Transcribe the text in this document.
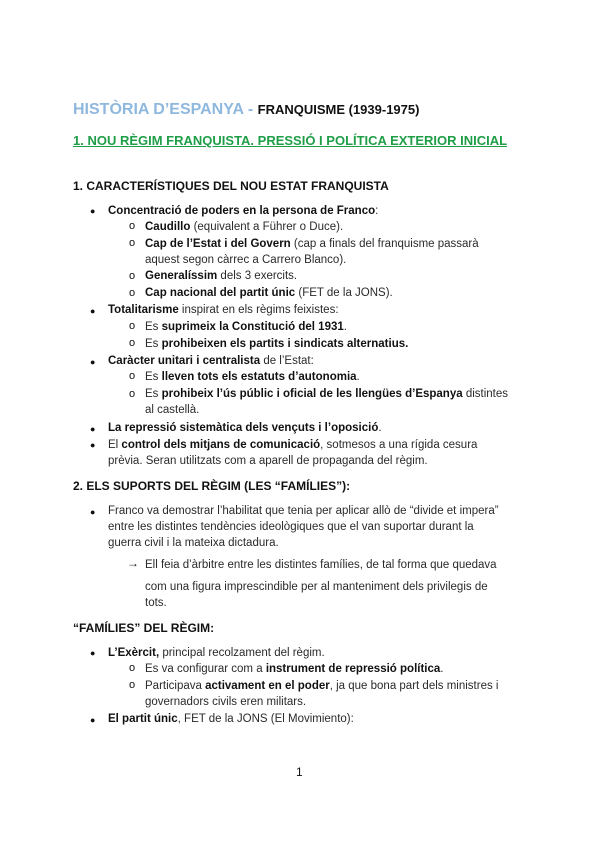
HISTÒRIA D’ESPANYA - FRANQUISME (1939-1975)
1. NOU RÈGIM FRANQUISTA. PRESSIÓ I POLÍTICA EXTERIOR INICIAL
1. CARACTERÍSTIQUES DEL NOU ESTAT FRANQUISTA
● Concentració de poders en la persona de Franco:
o Caudillo (equivalent a Führer o Duce).
o Cap de l’Estat i del Govern (cap a finals del franquisme passarà
aquest segon càrrec a Carrero Blanco).
o Generalíssim dels 3 exercits.
o Cap nacional del partit únic (FET de la JONS).
● Totalitarisme inspirat en els règims feixistes:
o Es suprimeix la Constitució del 1931.
o Es prohibeixen els partits i sindicats alternatius.
● Caràcter unitari i centralista de l’Estat:
o Es lleven tots els estatuts d’autonomia.
o Es prohibeix l’ús públic i oficial de les llengües d’Espanya distintes
al castellà.
● La repressió sistemàtica dels vençuts i l’oposició.
● El control dels mitjans de comunicació, sotmesos a una rígida cesura
prèvia. Seran utilitzats com a aparell de propaganda del règim.
2. ELS SUPORTS DEL RÈGIM (LES “FAMÍLIES”):
● Franco va demostrar l’habilitat que tenia per aplicar allò de “divide et impera”
entre les distintes tendències ideològiques que el van suportar durant la
guerra civil i la mateixa dictadura.
→ Ell feia d’àrbitre entre les distintes famílies, de tal forma que quedava
com una figura imprescindible per al manteniment dels privilegis de
tots.
“FAMÍLIES” DEL RÈGIM:
● L’Exèrcit, principal recolzament del règim.
o Es va configurar com a instrument de repressió política.
o Participava activament en el poder, ja que bona part dels ministres i
governadors civils eren militars.
● El partit únic, FET de la JONS (El Movimiento):
1
